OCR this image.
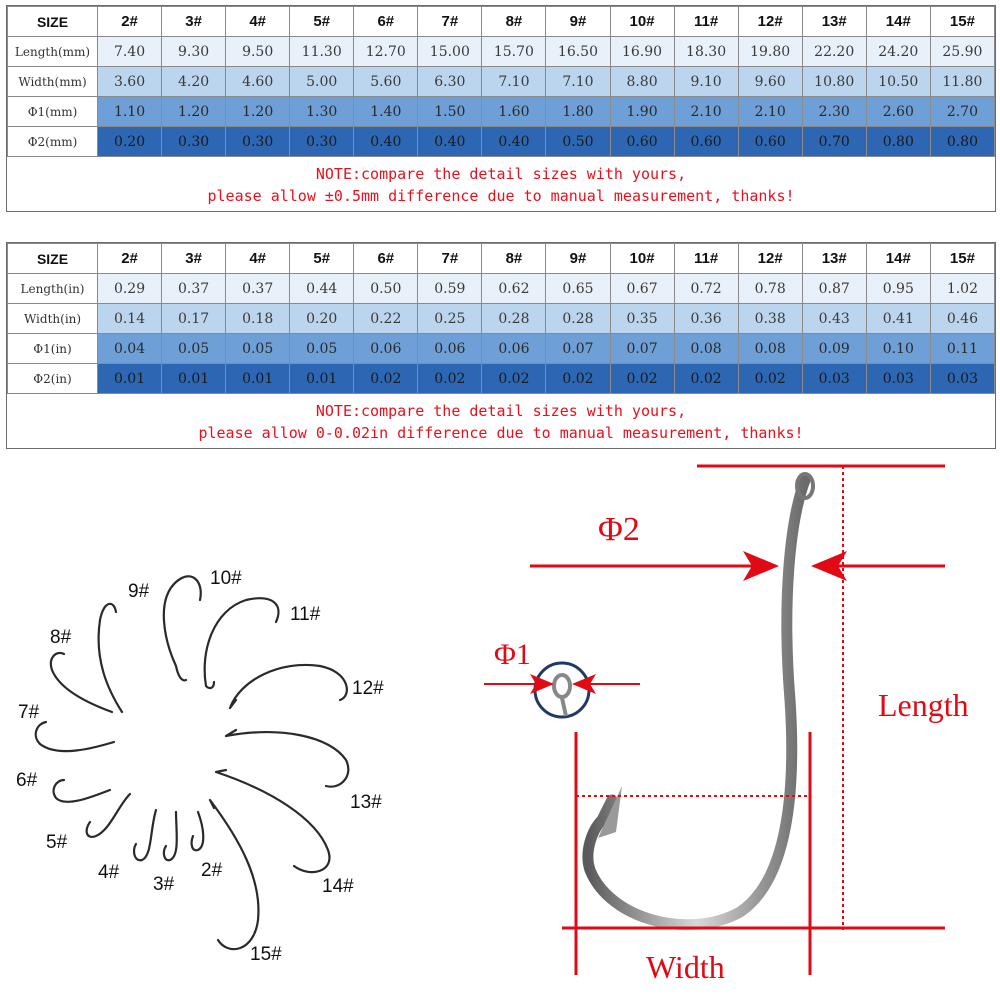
SIZE	2#	3#	4#	5#	6#	7#	8#	9#	10#	11#	12#	13#	14#	15#
Length(mm)	7.40	9.30	9.50	11.30	12.70	15.00	15.70	16.50	16.90	18.30	19.80	22.20	24.20	25.90
Width(mm)	3.60	4.20	4.60	5.00	5.60	6.30	7.10	7.10	8.80	9.10	9.60	10.80	10.50	11.80
Φ1(mm)	1.10	1.20	1.20	1.30	1.40	1.50	1.60	1.80	1.90	2.10	2.10	2.30	2.60	2.70
Φ2(mm)	0.20	0.30	0.30	0.30	0.40	0.40	0.40	0.50	0.60	0.60	0.60	0.70	0.80	0.80
NOTE:compare the detail sizes with yours,
please allow ±0.5mm difference due to manual measurement, thanks!
SIZE	2#	3#	4#	5#	6#	7#	8#	9#	10#	11#	12#	13#	14#	15#
Length(in)	0.29	0.37	0.37	0.44	0.50	0.59	0.62	0.65	0.67	0.72	0.78	0.87	0.95	1.02
Width(in)	0.14	0.17	0.18	0.20	0.22	0.25	0.28	0.28	0.35	0.36	0.38	0.43	0.41	0.46
Φ1(in)	0.04	0.05	0.05	0.05	0.06	0.06	0.06	0.07	0.07	0.08	0.08	0.09	0.10	0.11
Φ2(in)	0.01	0.01	0.01	0.01	0.02	0.02	0.02	0.02	0.02	0.02	0.02	0.03	0.03	0.03
NOTE:compare the detail sizes with yours,
please allow 0-0.02in difference due to manual measurement, thanks!
2#
3#
4#
5#
6#
7#
8#
9#
10#
11#
12#
13#
14#
15#
Φ2
Φ1
Length
Width
